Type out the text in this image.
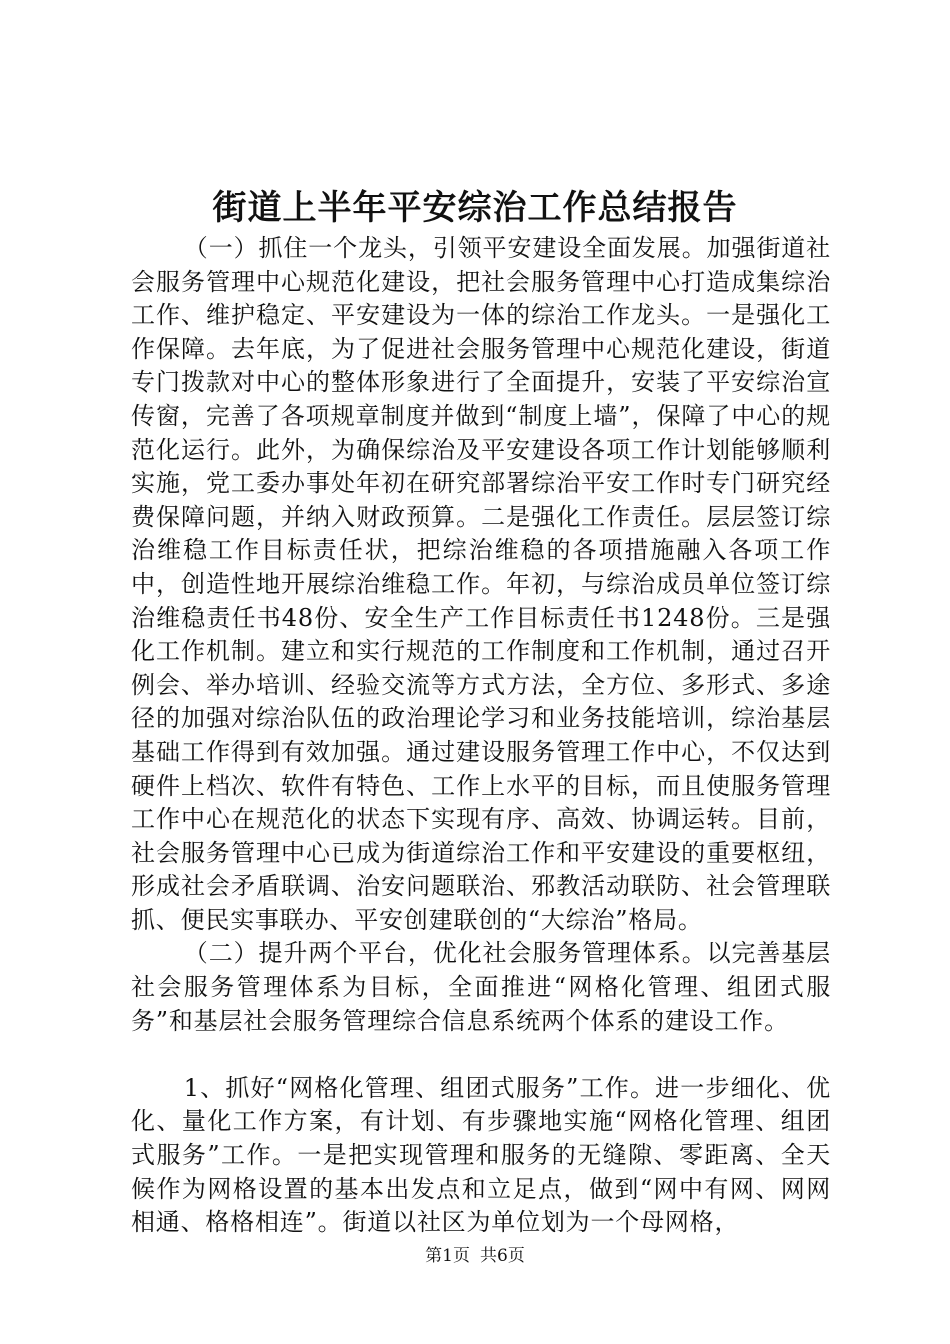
街道上半年平安综治工作总结报告

（一）抓住一个龙头，引领平安建设全面发展。加强街道社会服务管理中心规范化建设，把社会服务管理中心打造成集综治工作、维护稳定、平安建设为一体的综治工作龙头。一是强化工作保障。去年底，为了促进社会服务管理中心规范化建设，街道专门拨款对中心的整体形象进行了全面提升，安装了平安综治宣传窗，完善了各项规章制度并做到“制度上墙”，保障了中心的规范化运行。此外，为确保综治及平安建设各项工作计划能够顺利实施，党工委办事处年初在研究部署综治平安工作时专门研究经费保障问题，并纳入财政预算。二是强化工作责任。层层签订综治维稳工作目标责任状，把综治维稳的各项措施融入各项工作中，创造性地开展综治维稳工作。年初，与综治成员单位签订综治维稳责任书48份、安全生产工作目标责任书1248份。三是强化工作机制。建立和实行规范的工作制度和工作机制，通过召开例会、举办培训、经验交流等方式方法，全方位、多形式、多途径的加强对综治队伍的政治理论学习和业务技能培训，综治基层基础工作得到有效加强。通过建设服务管理工作中心，不仅达到硬件上档次、软件有特色、工作上水平的目标，而且使服务管理工作中心在规范化的状态下实现有序、高效、协调运转。目前，社会服务管理中心已成为街道综治工作和平安建设的重要枢纽，形成社会矛盾联调、治安问题联治、邪教活动联防、社会管理联抓、便民实事联办、平安创建联创的“大综治”格局。

（二）提升两个平台，优化社会服务管理体系。以完善基层社会服务管理体系为目标，全面推进“网格化管理、组团式服务”和基层社会服务管理综合信息系统两个体系的建设工作。

1、抓好“网格化管理、组团式服务”工作。进一步细化、优化、量化工作方案，有计划、有步骤地实施“网格化管理、组团式服务”工作。一是把实现管理和服务的无缝隙、零距离、全天候作为网格设置的基本出发点和立足点，做到“网中有网、网网相通、格格相连”。街道以社区为单位划为一个母网格，

第1页 共6页
